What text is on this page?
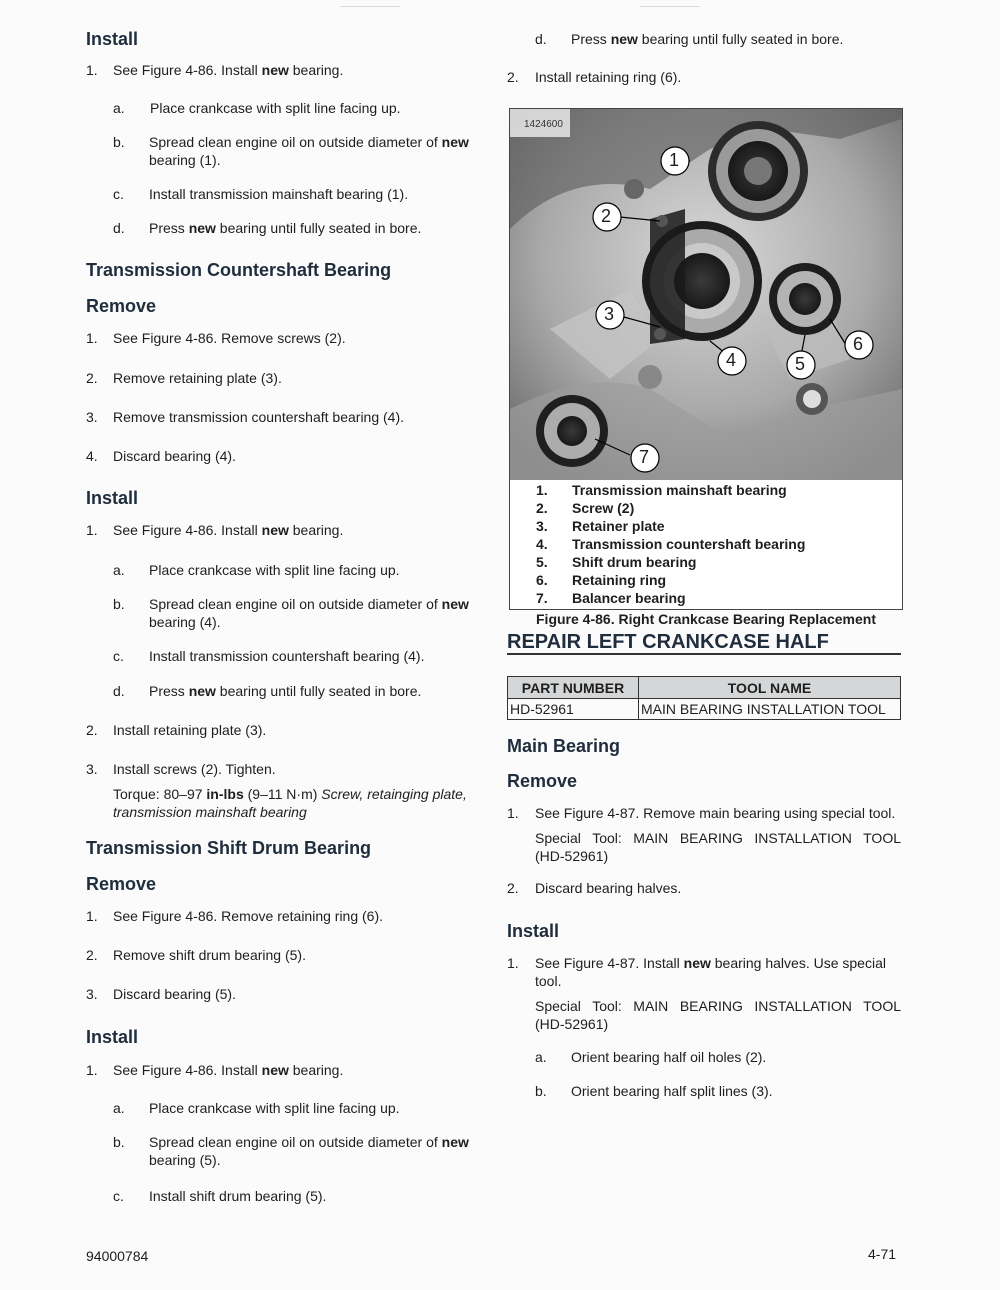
Install
1. See Figure 4-86. Install new bearing.
a. Place crankcase with split line facing up.
b. Spread clean engine oil on outside diameter of new
bearing (1).
c. Install transmission mainshaft bearing (1).
d. Press new bearing until fully seated in bore.
Transmission Countershaft Bearing
Remove
1. See Figure 4-86. Remove screws (2).
2. Remove retaining plate (3).
3. Remove transmission countershaft bearing (4).
4. Discard bearing (4).
Install
1. See Figure 4-86. Install new bearing.
a. Place crankcase with split line facing up.
b. Spread clean engine oil on outside diameter of new
bearing (4).
c. Install transmission countershaft bearing (4).
d. Press new bearing until fully seated in bore.
2. Install retaining plate (3).
3. Install screws (2). Tighten.
Torque: 80–97 in-lbs (9–11 N·m) Screw, retainging plate,
transmission mainshaft bearing
Transmission Shift Drum Bearing
Remove
1. See Figure 4-86. Remove retaining ring (6).
2. Remove shift drum bearing (5).
3. Discard bearing (5).
Install
1. See Figure 4-86. Install new bearing.
a. Place crankcase with split line facing up.
b. Spread clean engine oil on outside diameter of new
bearing (5).
c. Install shift drum bearing (5).
d. Press new bearing until fully seated in bore.
2. Install retaining ring (6).
1424600
1
2
3
4	5
6
7
1.	Transmission mainshaft bearing
2.	Screw (2)
3.	Retainer plate
4.	Transmission countershaft bearing
5.	Shift drum bearing
6.	Retaining ring
7.	Balancer bearing
Figure 4-86. Right Crankcase Bearing Replacement
REPAIR LEFT CRANKCASE HALF
PART NUMBER	TOOL NAME
HD-52961	MAIN BEARING INSTALLATION TOOL
Main Bearing
Remove
1. See Figure 4-87. Remove main bearing using special tool.
Special Tool: MAIN BEARING INSTALLATION TOOL
(HD-52961)
2. Discard bearing halves.
Install
1. See Figure 4-87. Install new bearing halves. Use special
tool.
Special Tool: MAIN BEARING INSTALLATION TOOL
(HD-52961)
a. Orient bearing half oil holes (2).
b. Orient bearing half split lines (3).
94000784	4-71
